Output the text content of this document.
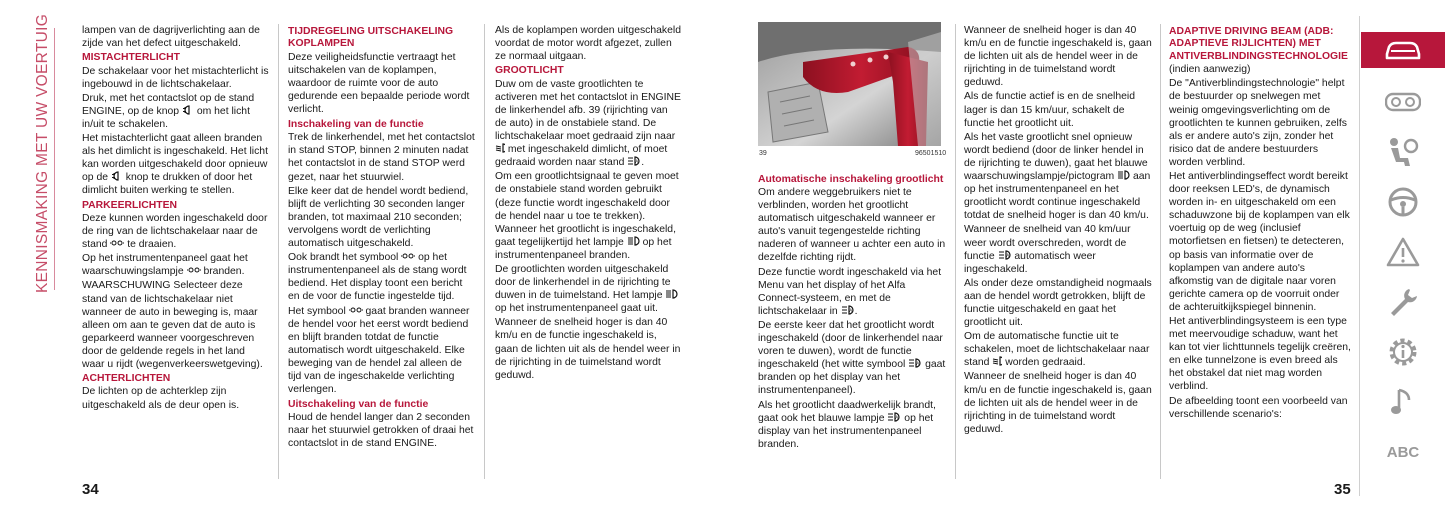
KENNISMAKING MET UW VOERTUIG	lampen van de dagrijverlichting aan de zijde van het defect uitgeschakeld.

MISTACHTERLICHT

De schakelaar voor het mistachterlicht is ingebouwd in de lichtschakelaar.

Druk, met het contactslot op de stand ENGINE, op de knop om het licht in/uit te schakelen.

Het mistachterlicht gaat alleen branden als het dimlicht is ingeschakeld. Het licht kan worden uitgeschakeld door opnieuw op de knop te drukken of door het dimlicht buiten werking te stellen.

PARKEERLICHTEN

Deze kunnen worden ingeschakeld door de ring van de lichtschakelaar naar de stand te draaien.

Op het instrumentenpaneel gaat het waarschuwingslampje branden.

WAARSCHUWING Selecteer deze stand van de lichtschakelaar niet wanneer de auto in beweging is, maar alleen om aan te geven dat de auto is geparkeerd wanneer voorgeschreven door de geldende regels in het land waar u rijdt (wegenverkeerswetgeving).

ACHTERLICHTEN

De lichten op de achterklep zijn uitgeschakeld als de deur open is.

TIJDREGELING UITSCHAKELING KOPLAMPEN

Deze veiligheidsfunctie vertraagt het uitschakelen van de koplampen, waardoor de ruimte voor de auto gedurende een bepaalde periode wordt verlicht.

Inschakeling van de functie

Trek de linkerhendel, met het contactslot in stand STOP, binnen 2 minuten nadat het contactslot in de stand STOP werd gezet, naar het stuurwiel.

Elke keer dat de hendel wordt bediend, blijft de verlichting 30 seconden langer branden, tot maximaal 210 seconden; vervolgens wordt de verlichting automatisch uitgeschakeld.

Ook brandt het symbool op het instrumentenpaneel als de stang wordt bediend. Het display toont een bericht en de voor de functie ingestelde tijd.

Het symbool gaat branden wanneer de hendel voor het eerst wordt bediend en blijft branden totdat de functie automatisch wordt uitgeschakeld. Elke beweging van de hendel zal alleen de tijd van de ingeschakelde verlichting verlengen.

Uitschakeling van de functie

Houd de hendel langer dan 2 seconden naar het stuurwiel getrokken of draai het contactslot in de stand ENGINE.

Als de koplampen worden uitgeschakeld voordat de motor wordt afgezet, zullen ze normaal uitgaan.

GROOTLICHT

Duw om de vaste grootlichten te activeren met het contactslot in ENGINE de linkerhendel afb. 39 (rijrichting van de auto) in de onstabiele stand. De lichtschakelaar moet gedraaid zijn naar  met ingeschakeld dimlicht, of moet gedraaid worden naar stand .

Om een grootlichtsignaal te geven moet de onstabiele stand worden gebruikt (deze functie wordt ingeschakeld door de hendel naar u toe te trekken). Wanneer het grootlicht is ingeschakeld, gaat tegelijkertijd het lampje op het instrumentenpaneel branden.

De grootlichten worden uitgeschakeld door de linkerhendel in de rijrichting te duwen in de tuimelstand. Het lampje  op het instrumentenpaneel gaat uit.

Wanneer de snelheid hoger is dan 40 km/u en de functie ingeschakeld is, gaan de lichten uit als de hendel weer in de rijrichting in de tuimelstand wordt geduwd.

39	96501510
Automatische inschakeling grootlicht

Om andere weggebruikers niet te verblinden, worden het grootlicht automatisch uitgeschakeld wanneer er auto's vanuit tegengestelde richting naderen of wanneer u achter een auto in dezelfde richting rijdt.

Deze functie wordt ingeschakeld via het Menu van het display of het Alfa Connect-systeem, en met de lichtschakelaar in .

De eerste keer dat het grootlicht wordt ingeschakeld (door de linkerhendel naar voren te duwen), wordt de functie ingeschakeld (het witte symbool gaat branden op het display van het instrumentenpaneel).

Als het grootlicht daadwerkelijk brandt, gaat ook het blauwe lampje op het display van het instrumentenpaneel branden.

Wanneer de snelheid hoger is dan 40 km/u en de functie ingeschakeld is, gaan de lichten uit als de hendel weer in de rijrichting in de tuimelstand wordt geduwd.

Als de functie actief is en de snelheid lager is dan 15 km/uur, schakelt de functie het grootlicht uit.

Als het vaste grootlicht snel opnieuw wordt bediend (door de linker hendel in de rijrichting te duwen), gaat het blauwe waarschuwingslampje/pictogram aan op het instrumentenpaneel en het grootlicht wordt continue ingeschakeld totdat de snelheid hoger is dan 40 km/u.

Wanneer de snelheid van 40 km/uur weer wordt overschreden, wordt de functie automatisch weer ingeschakeld.

Als onder deze omstandigheid nogmaals aan de hendel wordt getrokken, blijft de functie uitgeschakeld en gaat het grootlicht uit.

Om de automatische functie uit te schakelen, moet de lichtschakelaar naar stand worden gedraaid.

Wanneer de snelheid hoger is dan 40 km/u en de functie ingeschakeld is, gaan de lichten uit als de hendel weer in de rijrichting in de tuimelstand wordt geduwd.

ADAPTIVE DRIVING BEAM (ADB: ADAPTIEVE RIJLICHTEN) MET ANTIVERBLINDINGSTECHNOLOGIE

(indien aanwezig)

De "Antiverblindingstechnologie" helpt de bestuurder op snelwegen met weinig omgevingsverlichting om de grootlichten te kunnen gebruiken, zelfs als er andere auto's zijn, zonder het risico dat de andere bestuurders worden verblind.

Het antiverblindingseffect wordt bereikt door reeksen LED's, de dynamisch worden in- en uitgeschakeld om een schaduwzone bij de koplampen van elk voertuig op de weg (inclusief motorfietsen en fietsen) te detecteren, op basis van informatie over de koplampen van andere auto's afkomstig van de digitale naar voren gerichte camera op de voorruit onder de achteruitkijkspiegel binnenin.

Het antiverblindingsysteem is een type met meervoudige schaduw, want het kan tot vier lichttunnels tegelijk creëren, en elke tunnelzone is even breed als het obstakel dat niet mag worden verblind.

De afbeelding toont een voorbeeld van verschillende scenario's:

34	35
ABC
